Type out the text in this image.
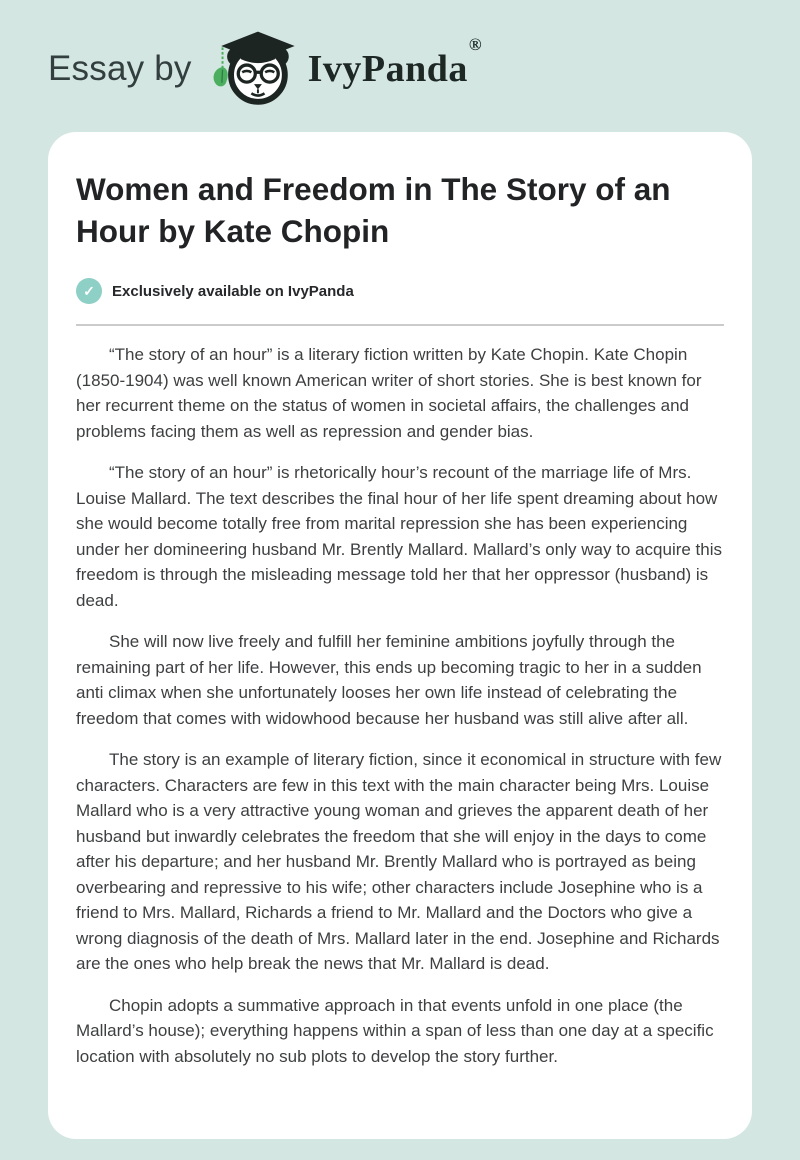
Essay by	IvyPanda®
Women and Freedom in The Story of an Hour by Kate Chopin
✓	Exclusively available on IvyPanda

“The story of an hour” is a literary fiction written by Kate Chopin. Kate Chopin (1850-1904) was well known American writer of short stories. She is best known for her recurrent theme on the status of women in societal affairs, the challenges and problems facing them as well as repression and gender bias.

“The story of an hour” is rhetorically hour’s recount of the marriage life of Mrs. Louise Mallard. The text describes the final hour of her life spent dreaming about how she would become totally free from marital repression she has been experiencing under her domineering husband Mr. Brently Mallard. Mallard’s only way to acquire this freedom is through the misleading message told her that her oppressor (husband) is dead.

She will now live freely and fulfill her feminine ambitions joyfully through the remaining part of her life. However, this ends up becoming tragic to her in a sudden anti climax when she unfortunately looses her own life instead of celebrating the freedom that comes with widowhood because her husband was still alive after all.

The story is an example of literary fiction, since it economical in structure with few characters. Characters are few in this text with the main character being Mrs. Louise Mallard who is a very attractive young woman and grieves the apparent death of her husband but inwardly celebrates the freedom that she will enjoy in the days to come after his departure; and her husband Mr. Brently Mallard who is portrayed as being overbearing and repressive to his wife; other characters include Josephine who is a friend to Mrs. Mallard, Richards a friend to Mr. Mallard and the Doctors who give a wrong diagnosis of the death of Mrs. Mallard later in the end. Josephine and Richards are the ones who help break the news that Mr. Mallard is dead.

Chopin adopts a summative approach in that events unfold in one place (the Mallard’s house); everything happens within a span of less than one day at a specific location with absolutely no sub plots to develop the story further.
